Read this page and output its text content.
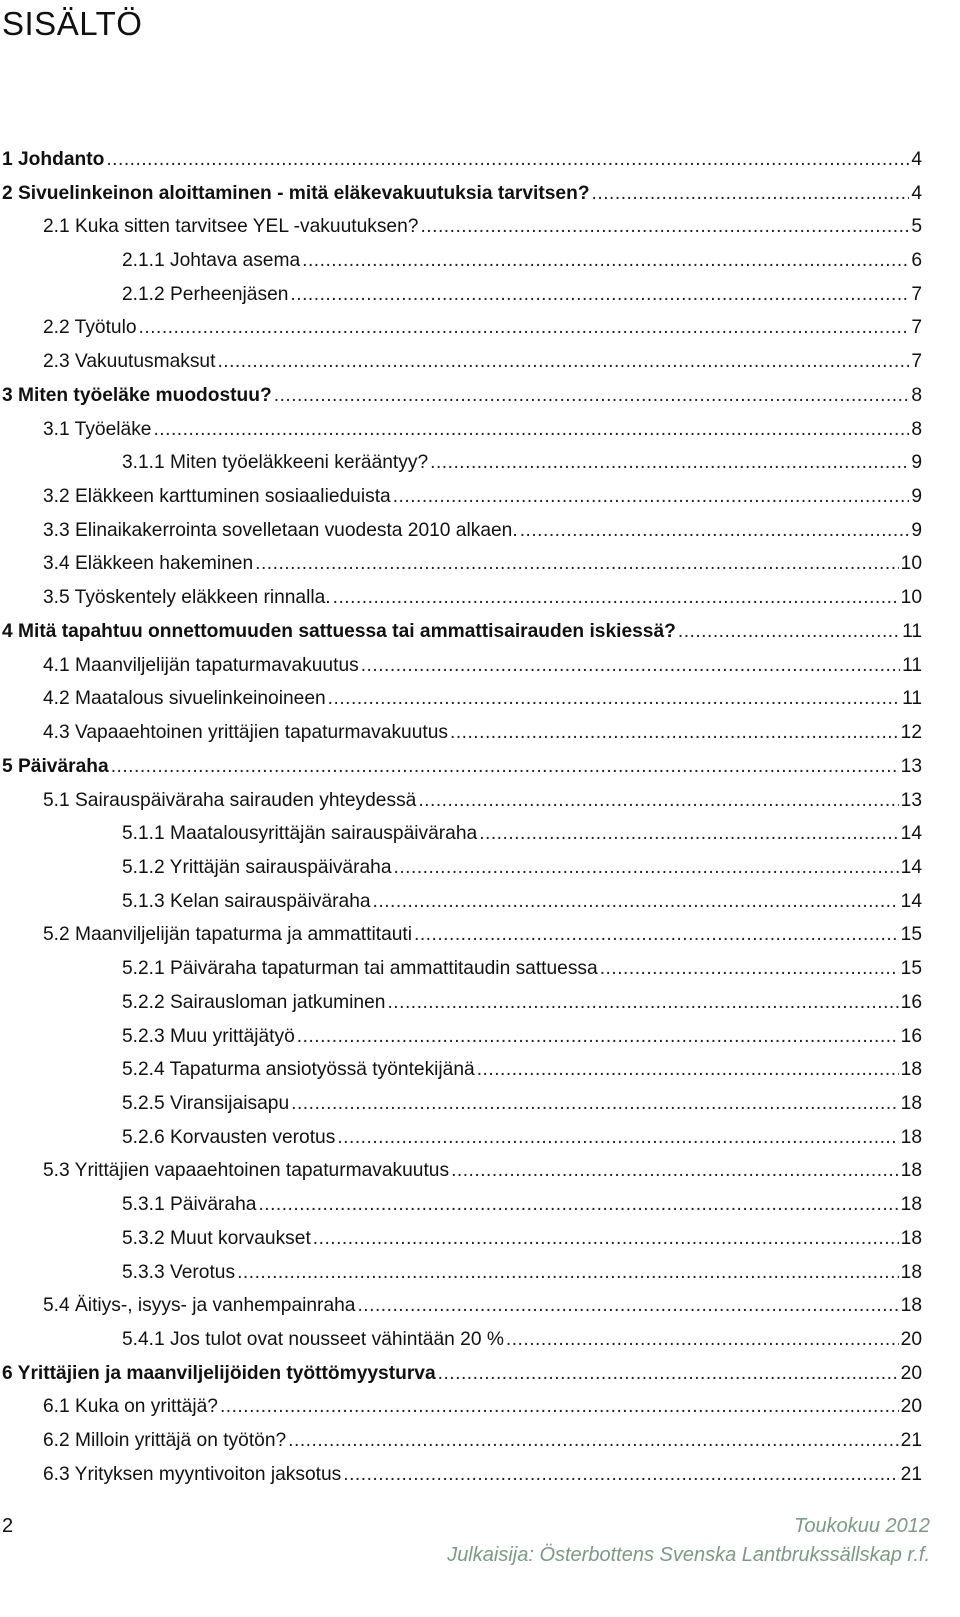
SISÄLTÖ
1 Johdanto .....	4
2 Sivuelinkeinon aloittaminen - mitä eläkevakuutuksia tarvitsen? .....	4
2.1 Kuka sitten tarvitsee YEL -vakuutuksen? .....	5
2.1.1 Johtava asema .....	6
2.1.2 Perheenjäsen .....	7
2.2 Työtulo .....	7
2.3 Vakuutusmaksut .....	7
3 Miten työeläke muodostuu? .....	8
3.1 Työeläke .....	8
3.1.1 Miten työeläkkeeni kerääntyy? .....	9
3.2 Eläkkeen karttuminen sosiaalieduista .....	9
3.3 Elinaikakerrointa sovelletaan vuodesta 2010 alkaen. .....	9
3.4 Eläkkeen hakeminen .....	10
3.5 Työskentely eläkkeen rinnalla. .....	10
4 Mitä tapahtuu onnettomuuden sattuessa tai ammattisairauden iskiessä? .....	11
4.1 Maanviljelijän tapaturmavakuutus .....	11
4.2 Maatalous sivuelinkeinoineen .....	11
4.3 Vapaaehtoinen yrittäjien tapaturmavakuutus .....	12
5 Päiväraha .....	13
5.1 Sairauspäiväraha sairauden yhteydessä .....	13
5.1.1 Maatalousyrittäjän sairauspäiväraha .....	14
5.1.2 Yrittäjän sairauspäiväraha .....	14
5.1.3 Kelan sairauspäiväraha .....	14
5.2 Maanviljelijän tapaturma ja ammattitauti .....	15
5.2.1 Päiväraha tapaturman tai ammattitaudin sattuessa .....	15
5.2.2 Sairausloman jatkuminen .....	16
5.2.3 Muu yrittäjätyö .....	16
5.2.4 Tapaturma ansiotyössä työntekijänä .....	18
5.2.5 Viransijaisapu .....	18
5.2.6 Korvausten verotus .....	18
5.3 Yrittäjien vapaaehtoinen tapaturmavakuutus .....	18
5.3.1 Päiväraha .....	18
5.3.2 Muut korvaukset .....	18
5.3.3 Verotus .....	18
5.4 Äitiys-, isyys- ja vanhempainraha .....	18
5.4.1 Jos tulot ovat nousseet vähintään 20 % .....	20
6 Yrittäjien ja maanviljelijöiden työttömyysturva .....	20
6.1 Kuka on yrittäjä? .....	20
6.2 Milloin yrittäjä on työtön? .....	21
6.3 Yrityksen myyntivoiton jaksotus .....	21
2	Toukokuu 2012
Julkaisija: Österbottens Svenska Lantbrukssällskap r.f.
